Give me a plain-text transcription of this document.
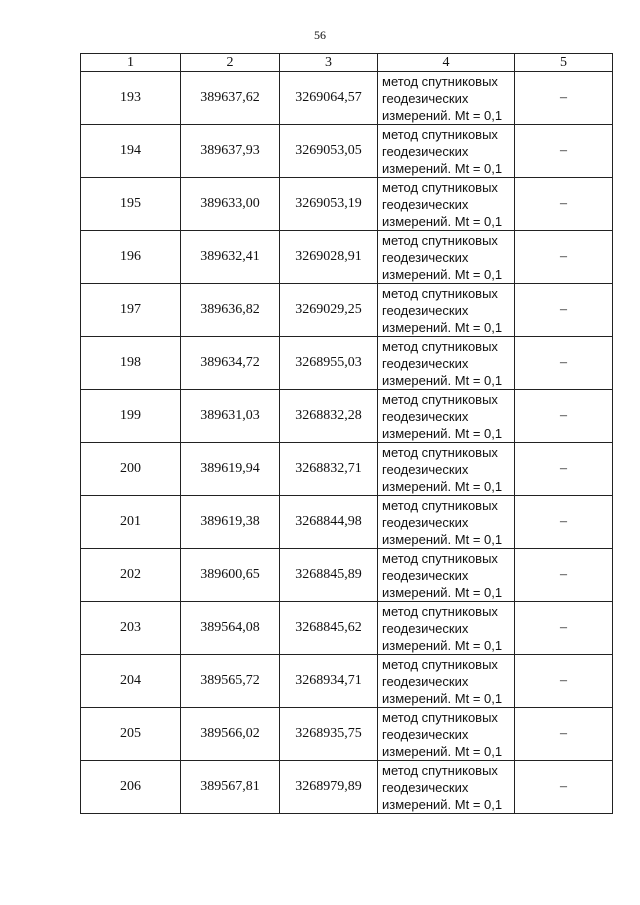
56
1	2	3	4	5
193	389637,62	3269064,57	метод спутниковых
геодезических
измерений. Mt = 0,1	–
194	389637,93	3269053,05	метод спутниковых
геодезических
измерений. Mt = 0,1	–
195	389633,00	3269053,19	метод спутниковых
геодезических
измерений. Mt = 0,1	–
196	389632,41	3269028,91	метод спутниковых
геодезических
измерений. Mt = 0,1	–
197	389636,82	3269029,25	метод спутниковых
геодезических
измерений. Mt = 0,1	–
198	389634,72	3268955,03	метод спутниковых
геодезических
измерений. Mt = 0,1	–
199	389631,03	3268832,28	метод спутниковых
геодезических
измерений. Mt = 0,1	–
200	389619,94	3268832,71	метод спутниковых
геодезических
измерений. Mt = 0,1	–
201	389619,38	3268844,98	метод спутниковых
геодезических
измерений. Mt = 0,1	–
202	389600,65	3268845,89	метод спутниковых
геодезических
измерений. Mt = 0,1	–
203	389564,08	3268845,62	метод спутниковых
геодезических
измерений. Mt = 0,1	–
204	389565,72	3268934,71	метод спутниковых
геодезических
измерений. Mt = 0,1	–
205	389566,02	3268935,75	метод спутниковых
геодезических
измерений. Mt = 0,1	–
206	389567,81	3268979,89	метод спутниковых
геодезических
измерений. Mt = 0,1	–
